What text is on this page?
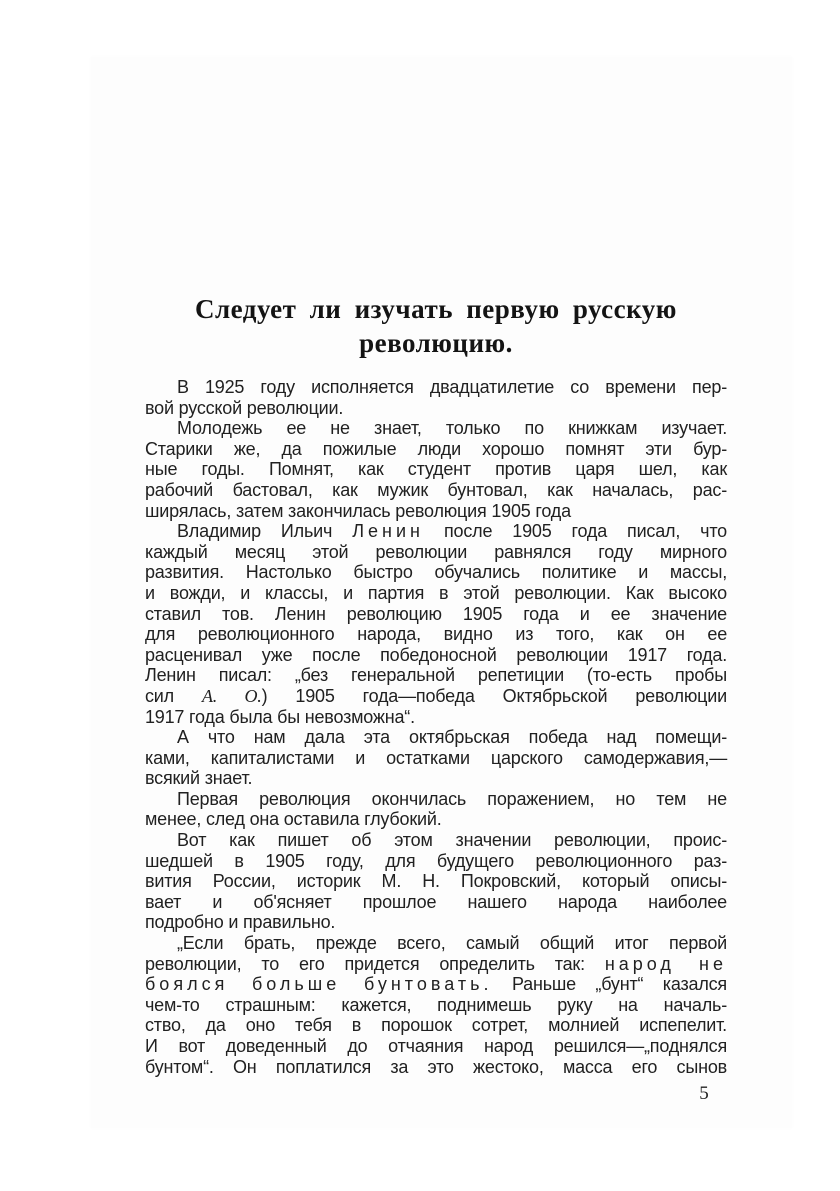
Следует ли изучать первую русскую
революцию.
В 1925 году исполняется двадцатилетие со времени пер-
вой русской революции.
Молодежь ее не знает, только по книжкам изучает.
Старики же, да пожилые люди хорошо помнят эти бур-
ные годы. Помнят, как студент против царя шел, как
рабочий бастовал, как мужик бунтовал, как началась, рас-
ширялась, затем закончилась революция 1905 года
Владимир Ильич Ленин после 1905 года писал, что
каждый месяц этой революции равнялся году мирного
развития. Настолько быстро обучались политике и массы,
и вожди, и классы, и партия в этой революции. Как высоко
ставил тов. Ленин революцию 1905 года и ее значение
для революционного народа, видно из того, как он ее
расценивал уже после победоносной революции 1917 года.
Ленин писал: „без генеральной репетиции (то-есть пробы
сил А. О.) 1905 года—победа Октябрьской революции
1917 года была бы невозможна“.
А что нам дала эта октябрьская победа над помещи-
ками, капиталистами и остатками царского самодержавия,—
всякий знает.
Первая революция окончилась поражением, но тем не
менее, след она оставила глубокий.
Вот как пишет об этом значении революции, проис-
шедшей в 1905 году, для будущего революционного раз-
вития России, историк М. Н. Покровский, который описы-
вает и об'ясняет прошлое нашего народа наиболее
подробно и правильно.
„Если брать, прежде всего, самый общий итог первой
революции, то его придется определить так: народ не
боялся больше бунтовать. Раньше „бунт“ казался
чем-то страшным: кажется, поднимешь руку на началь-
ство, да оно тебя в порошок сотрет, молнией испепелит.
И вот доведенный до отчаяния народ решился—„поднялся
бунтом“. Он поплатился за это жестоко, масса его сынов
5
